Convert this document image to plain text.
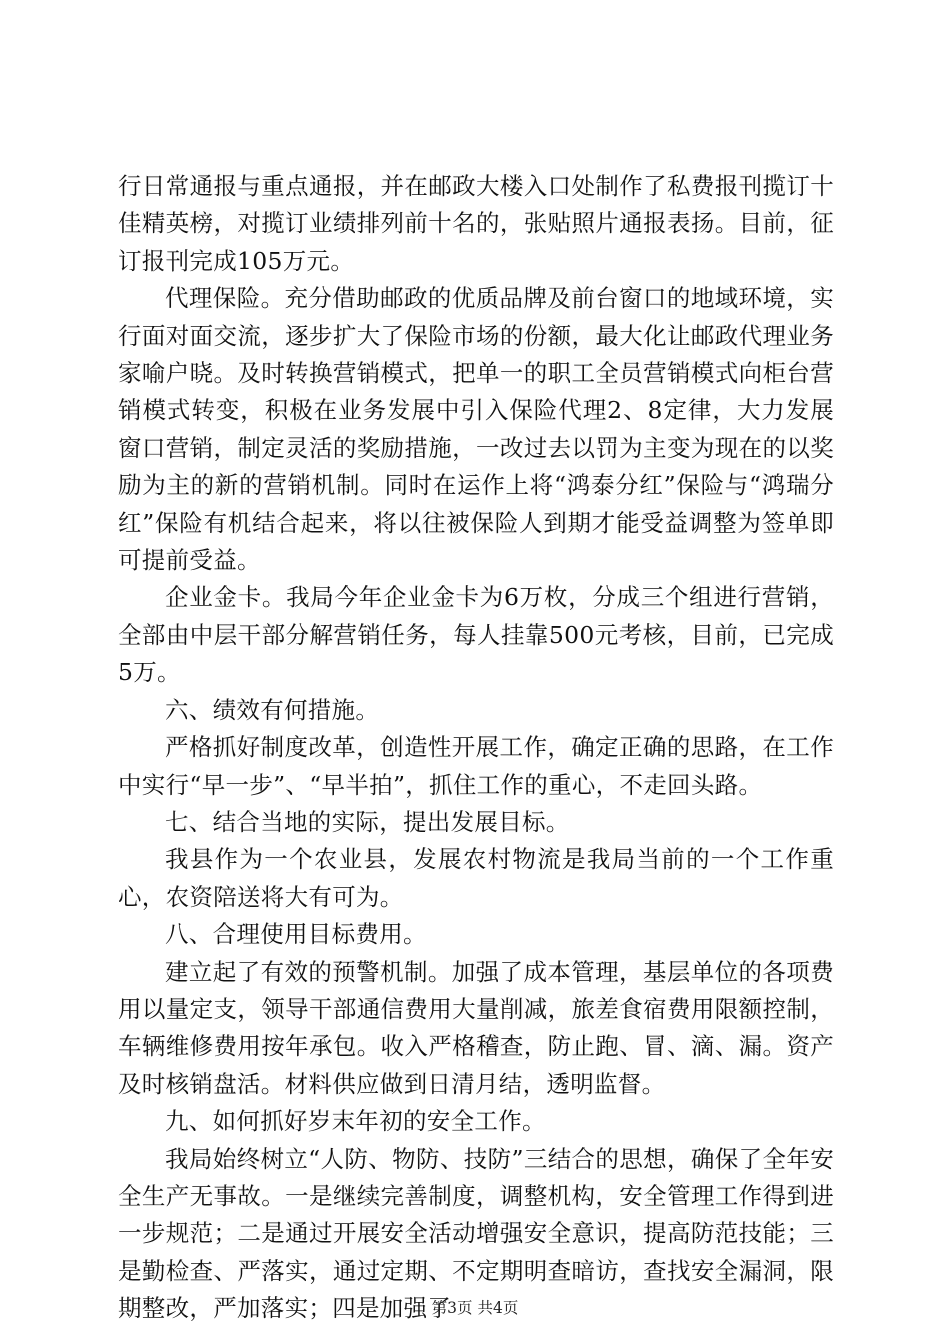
行日常通报与重点通报，并在邮政大楼入口处制作了私费报刊揽订十佳精英榜，对揽订业绩排列前十名的，张贴照片通报表扬。目前，征订报刊完成105万元。

代理保险。充分借助邮政的优质品牌及前台窗口的地域环境，实行面对面交流，逐步扩大了保险市场的份额，最大化让邮政代理业务家喻户晓。及时转换营销模式，把单一的职工全员营销模式向柜台营销模式转变，积极在业务发展中引入保险代理2、8定律，大力发展窗口营销，制定灵活的奖励措施，一改过去以罚为主变为现在的以奖励为主的新的营销机制。同时在运作上将“鸿泰分红”保险与“鸿瑞分红”保险有机结合起来，将以往被保险人到期才能受益调整为签单即可提前受益。

企业金卡。我局今年企业金卡为6万枚，分成三个组进行营销，全部由中层干部分解营销任务，每人挂靠500元考核，目前，已完成5万。

六、绩效有何措施。

严格抓好制度改革，创造性开展工作，确定正确的思路，在工作中实行“早一步”、“早半拍”，抓住工作的重心，不走回头路。

七、结合当地的实际，提出发展目标。

我县作为一个农业县，发展农村物流是我局当前的一个工作重心，农资陪送将大有可为。

八、合理使用目标费用。

建立起了有效的预警机制。加强了成本管理，基层单位的各项费用以量定支，领导干部通信费用大量削减，旅差食宿费用限额控制，车辆维修费用按年承包。收入严格稽查，防止跑、冒、滴、漏。资产及时核销盘活。材料供应做到日清月结，透明监督。

九、如何抓好岁末年初的安全工作。

我局始终树立“人防、物防、技防”三结合的思想，确保了全年安全生产无事故。一是继续完善制度，调整机构，安全管理工作得到进一步规范；二是通过开展安全活动增强安全意识，提高防范技能；三是勤检查、严落实，通过定期、不定期明查暗访，查找安全漏洞，限期整改，严加落实；四是加强了

第3页 共4页
